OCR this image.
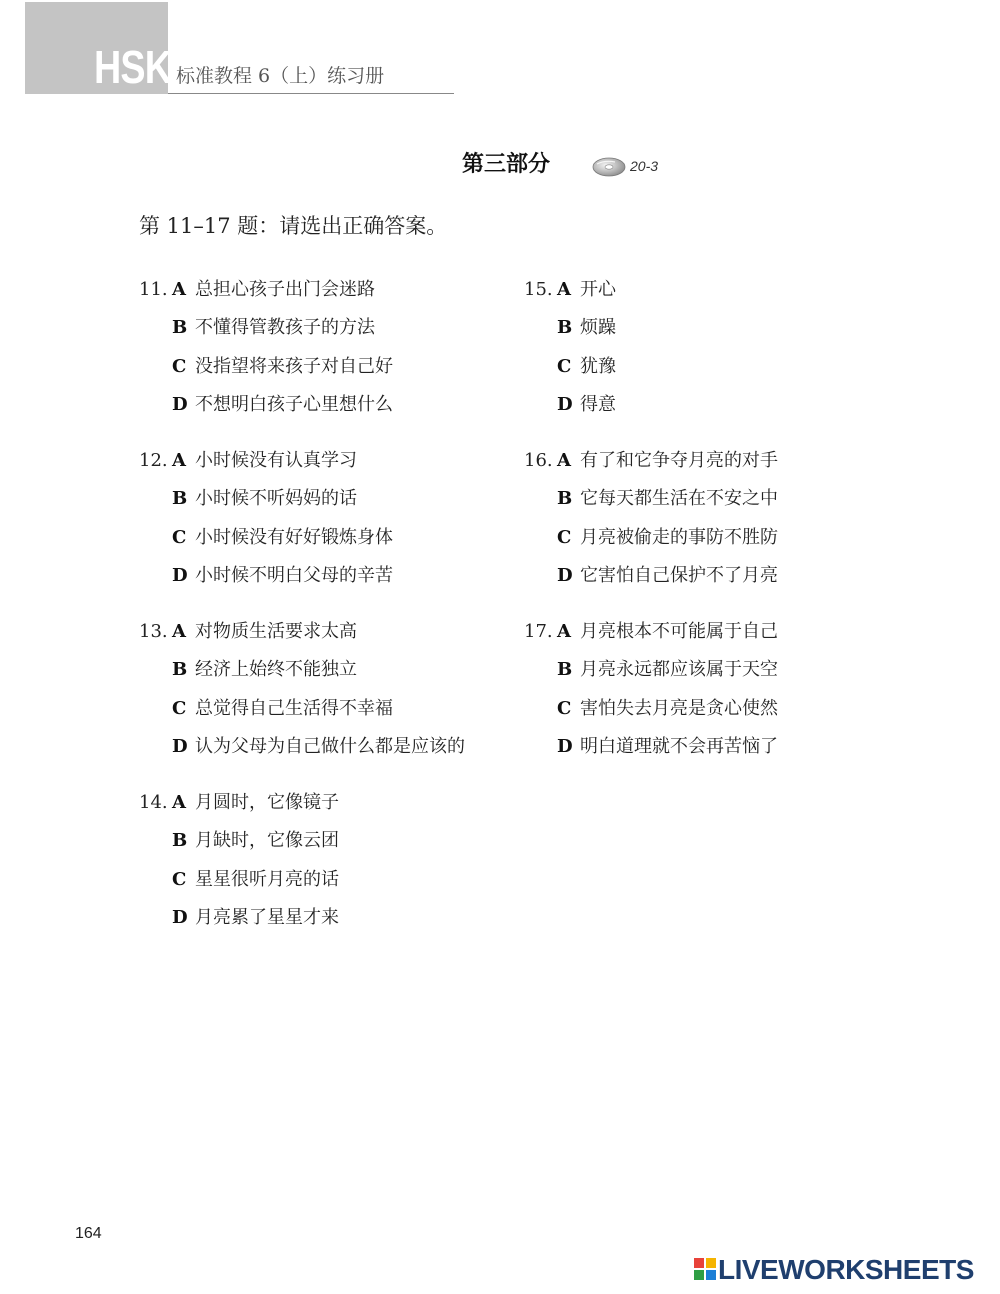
HSK 标准教程 6（上）练习册
第三部分	20-3
第 11–17 题：请选出正确答案。
11. A 总担心孩子出门会迷路
B 不懂得管教孩子的方法
C 没指望将来孩子对自己好
D 不想明白孩子心里想什么
12. A 小时候没有认真学习
B 小时候不听妈妈的话
C 小时候没有好好锻炼身体
D 小时候不明白父母的辛苦
13. A 对物质生活要求太高
B 经济上始终不能独立
C 总觉得自己生活得不幸福
D 认为父母为自己做什么都是应该的
14. A 月圆时，它像镜子
B 月缺时，它像云团
C 星星很听月亮的话
D 月亮累了星星才来
15. A 开心
B 烦躁
C 犹豫
D 得意
16. A 有了和它争夺月亮的对手
B 它每天都生活在不安之中
C 月亮被偷走的事防不胜防
D 它害怕自己保护不了月亮
17. A 月亮根本不可能属于自己
B 月亮永远都应该属于天空
C 害怕失去月亮是贪心使然
D 明白道理就不会再苦恼了
164
LIVEWORKSHEETS
